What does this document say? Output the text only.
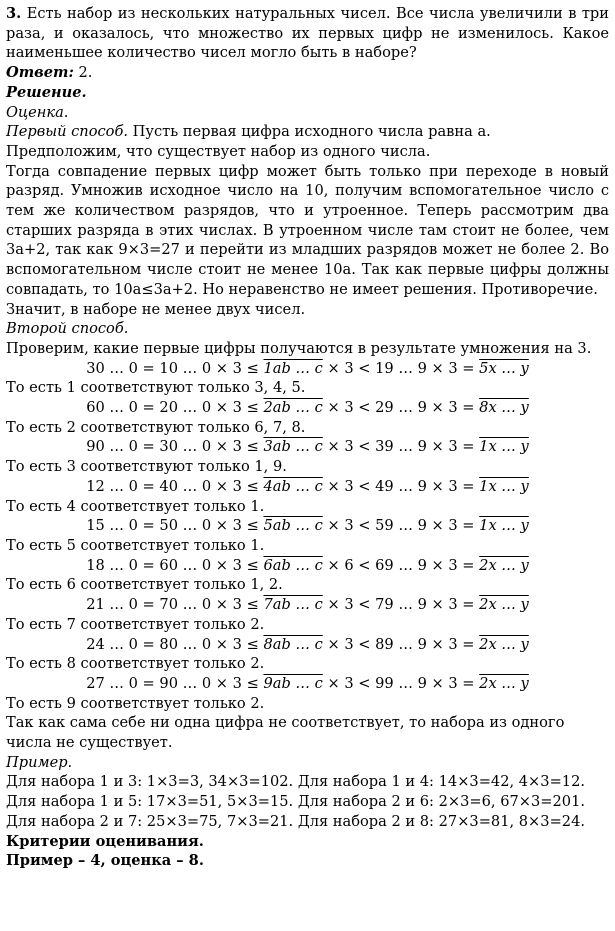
3. Есть набор из нескольких натуральных чисел. Все числа увеличили в три раза, и оказалось, что множество их первых цифр не изменилось. Какое наименьшее количество чисел могло быть в наборе?

Ответ: 2.

Решение.

Оценка.

Первый способ. Пусть первая цифра исходного числа равна а.

Предположим, что существует набор из одного числа.

Тогда совпадение первых цифр может быть только при переходе в новый разряд. Умножив исходное число на 10, получим вспомогательное число с тем же количеством разрядов, что и утроенное. Теперь рассмотрим два старших разряда в этих числах. В утроенном числе там стоит не более, чем 3а+2, так как 9×3=27 и перейти из младших разрядов может не более 2. Во вспомогательном числе стоит не менее 10а. Так как первые цифры должны совпадать, то 10а≤3а+2. Но неравенство не имеет решения. Противоречие.

Значит, в наборе не менее двух чисел.

Второй способ.

Проверим, какие первые цифры получаются в результате умножения на 3.

30 … 0 = 10 … 0 × 3 ≤ 1ab … c × 3 < 19 … 9 × 3 = 5x … y

То есть 1 соответствуют только 3, 4, 5.

60 … 0 = 20 … 0 × 3 ≤ 2ab … c × 3 < 29 … 9 × 3 = 8x … y

То есть 2 соответствуют только 6, 7, 8.

90 … 0 = 30 … 0 × 3 ≤ 3ab … c × 3 < 39 … 9 × 3 = 1x … y

То есть 3 соответствуют только 1, 9.

12 … 0 = 40 … 0 × 3 ≤ 4ab … c × 3 < 49 … 9 × 3 = 1x … y

То есть 4 соответствует только 1.

15 … 0 = 50 … 0 × 3 ≤ 5ab … c × 3 < 59 … 9 × 3 = 1x … y

То есть 5 соответствует только 1.

18 … 0 = 60 … 0 × 3 ≤ 6ab … c × 6 < 69 … 9 × 3 = 2x … y

То есть 6 соответствует только 1, 2.

21 … 0 = 70 … 0 × 3 ≤ 7ab … c × 3 < 79 … 9 × 3 = 2x … y

То есть 7 соответствует только 2.

24 … 0 = 80 … 0 × 3 ≤ 8ab … c × 3 < 89 … 9 × 3 = 2x … y

То есть 8 соответствует только 2.

27 … 0 = 90 … 0 × 3 ≤ 9ab … c × 3 < 99 … 9 × 3 = 2x … y

То есть 9 соответствует только 2.

Так как сама себе ни одна цифра не соответствует, то набора из одного числа не существует.

Пример.

Для набора 1 и 3: 1×3=3, 34×3=102. Для набора 1 и 4: 14×3=42, 4×3=12.

Для набора 1 и 5: 17×3=51, 5×3=15. Для набора 2 и 6: 2×3=6, 67×3=201.

Для набора 2 и 7: 25×3=75, 7×3=21. Для набора 2 и 8: 27×3=81, 8×3=24.

Критерии оценивания.

Пример – 4, оценка – 8.
